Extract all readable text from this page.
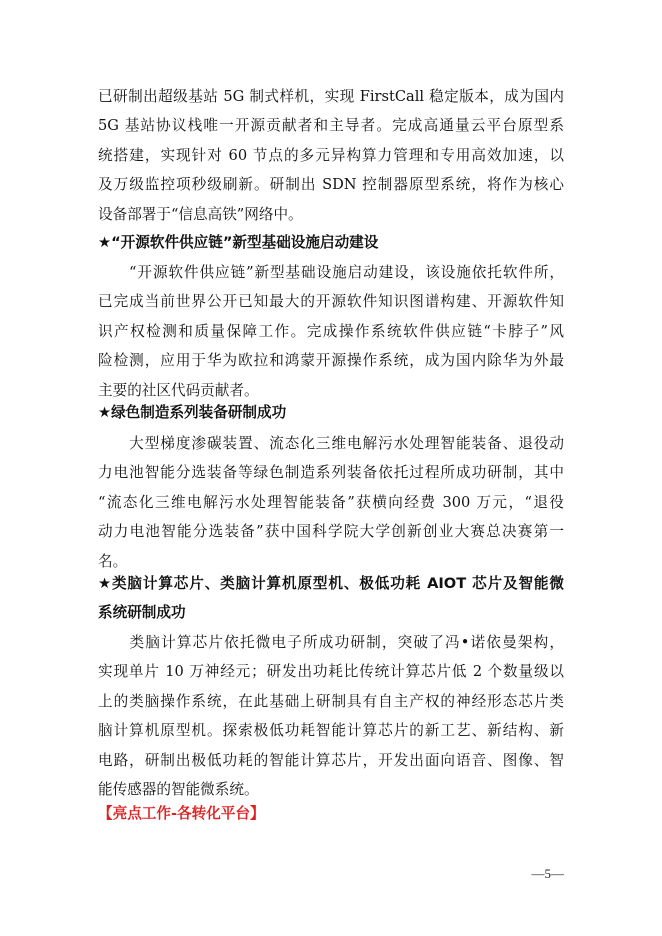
已研制出超级基站 5G 制式样机，实现 FirstCall 稳定版本，成为国内
5G 基站协议栈唯一开源贡献者和主导者。完成高通量云平台原型系
统搭建，实现针对 60 节点的多元异构算力管理和专用高效加速，以
及万级监控项秒级刷新。研制出 SDN 控制器原型系统，将作为核心
设备部署于“信息高铁”网络中。
★“开源软件供应链”新型基础设施启动建设
　　“开源软件供应链”新型基础设施启动建设，该设施依托软件所，
已完成当前世界公开已知最大的开源软件知识图谱构建、开源软件知
识产权检测和质量保障工作。完成操作系统软件供应链“卡脖子”风
险检测，应用于华为欧拉和鸿蒙开源操作系统，成为国内除华为外最
主要的社区代码贡献者。
★绿色制造系列装备研制成功
　　大型梯度渗碳装置、流态化三维电解污水处理智能装备、退役动
力电池智能分选装备等绿色制造系列装备依托过程所成功研制，其中
“流态化三维电解污水处理智能装备”获横向经费 300 万元，“退役
动力电池智能分选装备”获中国科学院大学创新创业大赛总决赛第一
名。
★类脑计算芯片、类脑计算机原型机、极低功耗 AIOT 芯片及智能微
系统研制成功
　　类脑计算芯片依托微电子所成功研制，突破了冯•诺依曼架构，
实现单片 10 万神经元；研发出功耗比传统计算芯片低 2 个数量级以
上的类脑操作系统，在此基础上研制具有自主产权的神经形态芯片类
脑计算机原型机。探索极低功耗智能计算芯片的新工艺、新结构、新
电路，研制出极低功耗的智能计算芯片，开发出面向语音、图像、智
能传感器的智能微系统。
【亮点工作-各转化平台】
—5—
